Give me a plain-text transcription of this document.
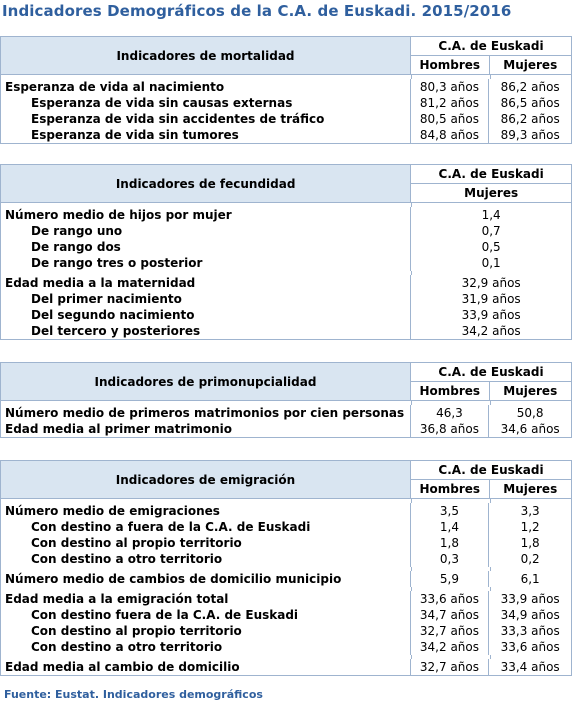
Indicadores Demográficos de la C.A. de Euskadi. 2015/2016
Indicadores de mortalidad
C.A. de Euskadi
Hombres	Mujeres
Esperanza de vida al nacimiento	80,3 años	86,2 años
Esperanza de vida sin causas externas	81,2 años	86,5 años
Esperanza de vida sin accidentes de tráfico	80,5 años	86,2 años
Esperanza de vida sin tumores	84,8 años	89,3 años
Indicadores de fecundidad
C.A. de Euskadi
Mujeres
Número medio de hijos por mujer	1,4
De rango uno	0,7
De rango dos	0,5
De rango tres o posterior	0,1
Edad media a la maternidad	32,9 años
Del primer nacimiento	31,9 años
Del segundo nacimiento	33,9 años
Del tercero y posteriores	34,2 años
Indicadores de primonupcialidad
C.A. de Euskadi
Hombres	Mujeres
Número medio de primeros matrimonios por cien personas	46,3	50,8
Edad media al primer matrimonio	36,8 años	34,6 años
Indicadores de emigración
C.A. de Euskadi
Hombres	Mujeres
Número medio de emigraciones	3,5	3,3
Con destino a fuera de la C.A. de Euskadi	1,4	1,2
Con destino al propio territorio	1,8	1,8
Con destino a otro territorio	0,3	0,2
Número medio de cambios de domicilio municipio	5,9	6,1
Edad media a la emigración total	33,6 años	33,9 años
Con destino fuera de la C.A. de Euskadi	34,7 años	34,9 años
Con destino al propio territorio	32,7 años	33,3 años
Con destino a otro territorio	34,2 años	33,6 años
Edad media al cambio de domicilio	32,7 años	33,4 años
Fuente: Eustat. Indicadores demográficos
